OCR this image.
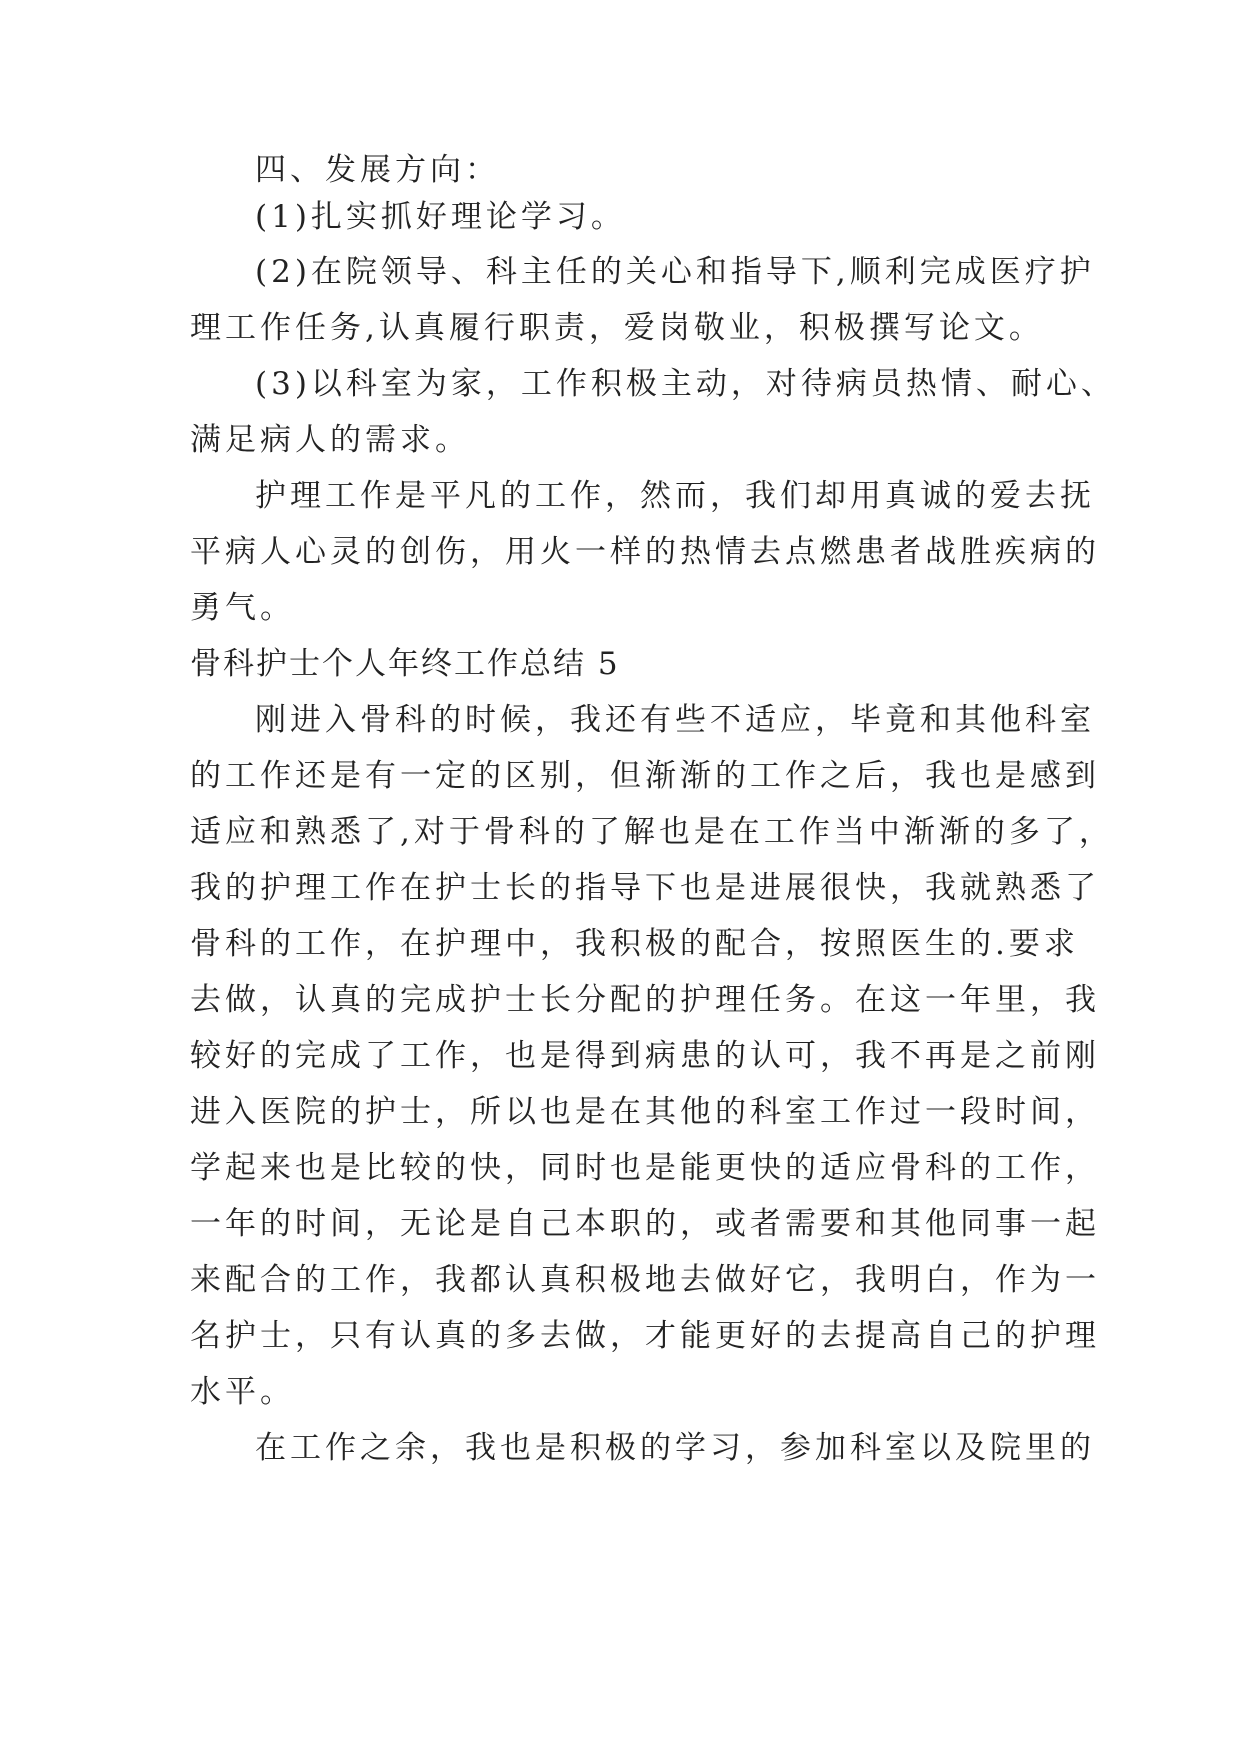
四、发展方向：
(1)扎实抓好理论学习。
(2)在院领导、科主任的关心和指导下,顺利完成医疗护
理工作任务,认真履行职责，爱岗敬业，积极撰写论文。
(3)以科室为家，工作积极主动，对待病员热情、耐心、
满足病人的需求。
护理工作是平凡的工作，然而，我们却用真诚的爱去抚
平病人心灵的创伤，用火一样的热情去点燃患者战胜疾病的
勇气。
骨科护士个人年终工作总结 5
刚进入骨科的时候，我还有些不适应，毕竟和其他科室
的工作还是有一定的区别，但渐渐的工作之后，我也是感到
适应和熟悉了,对于骨科的了解也是在工作当中渐渐的多了，
我的护理工作在护士长的指导下也是进展很快，我就熟悉了
骨科的工作，在护理中，我积极的配合，按照医生的.要求
去做，认真的完成护士长分配的护理任务。在这一年里，我
较好的完成了工作，也是得到病患的认可，我不再是之前刚
进入医院的护士，所以也是在其他的科室工作过一段时间，
学起来也是比较的快，同时也是能更快的适应骨科的工作，
一年的时间，无论是自己本职的，或者需要和其他同事一起
来配合的工作，我都认真积极地去做好它，我明白，作为一
名护士，只有认真的多去做，才能更好的去提高自己的护理
水平。
在工作之余，我也是积极的学习，参加科室以及院里的
